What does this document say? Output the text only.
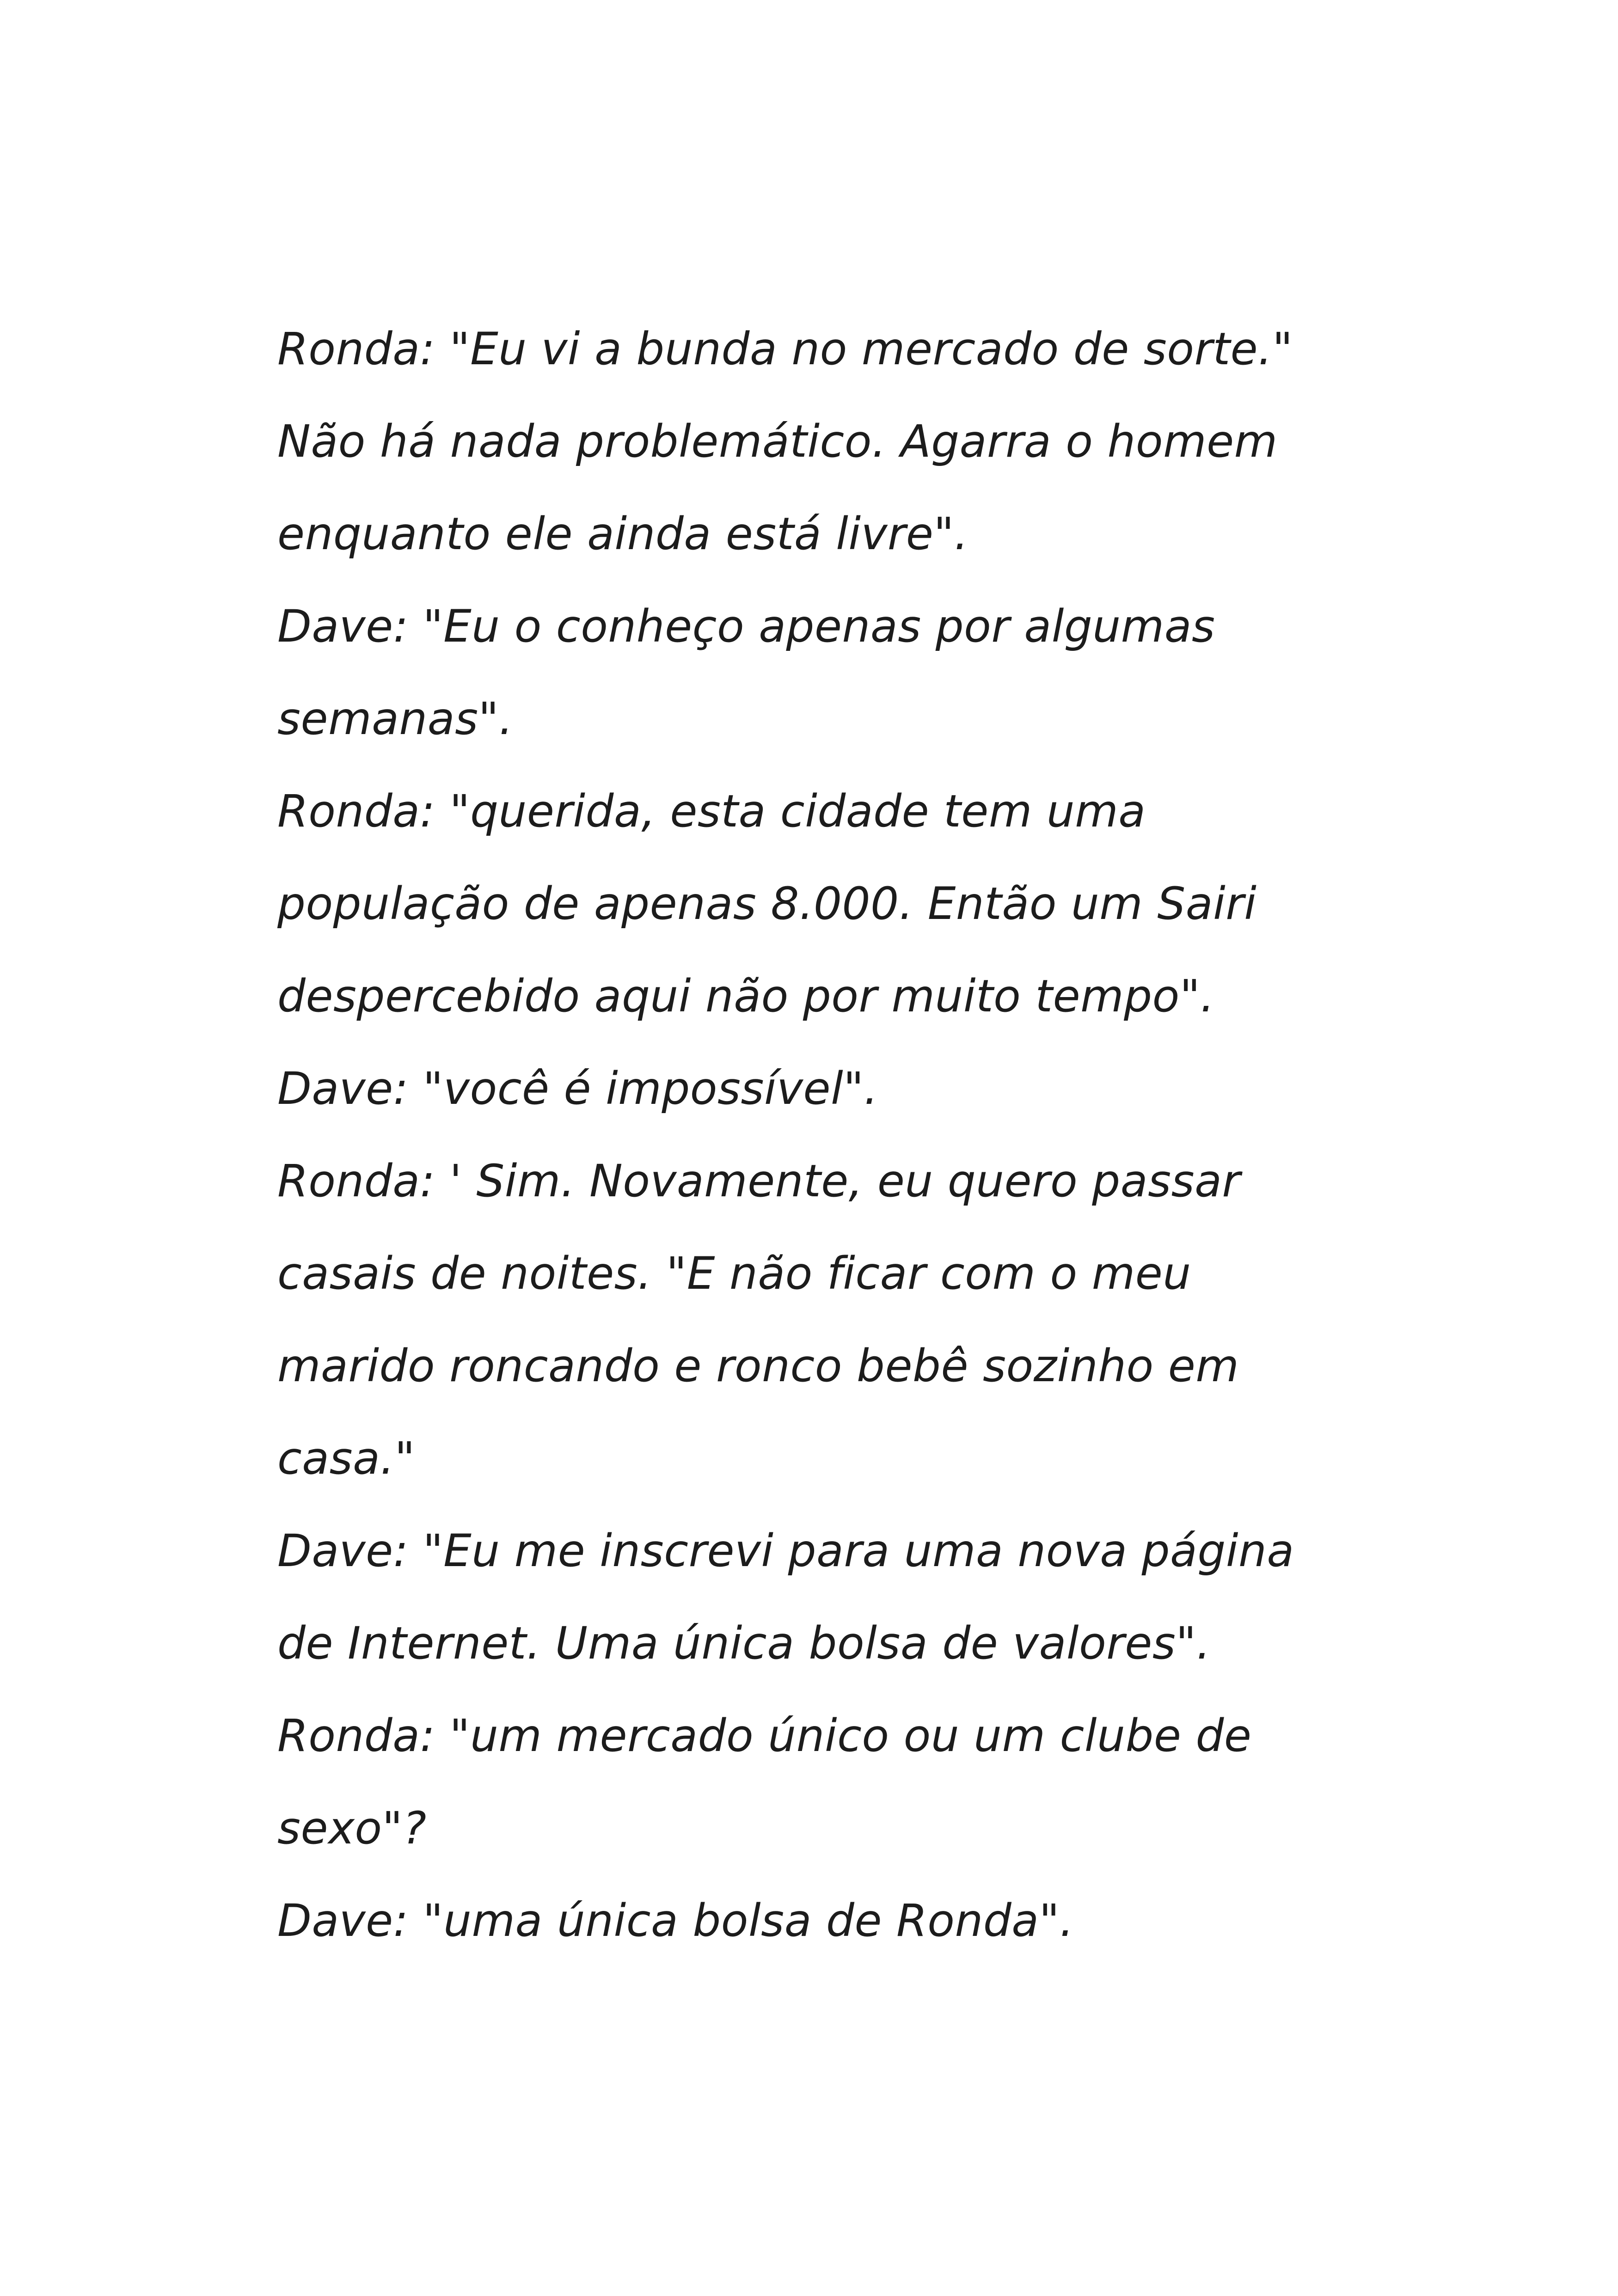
Ronda: "Eu vi a bunda no mercado de sorte."
Não há nada problemático. Agarra o homem
enquanto ele ainda está livre".
Dave: "Eu o conheço apenas por algumas
semanas".
Ronda: "querida, esta cidade tem uma
população de apenas 8.000. Então um Sairi
despercebido aqui não por muito tempo".
Dave: "você é impossível".
Ronda: ' Sim. Novamente, eu quero passar
casais de noites. "E não ficar com o meu
marido roncando e ronco bebê sozinho em
casa."
Dave: "Eu me inscrevi para uma nova página
de Internet. Uma única bolsa de valores".
Ronda: "um mercado único ou um clube de
sexo"?
Dave: "uma única bolsa de Ronda".
